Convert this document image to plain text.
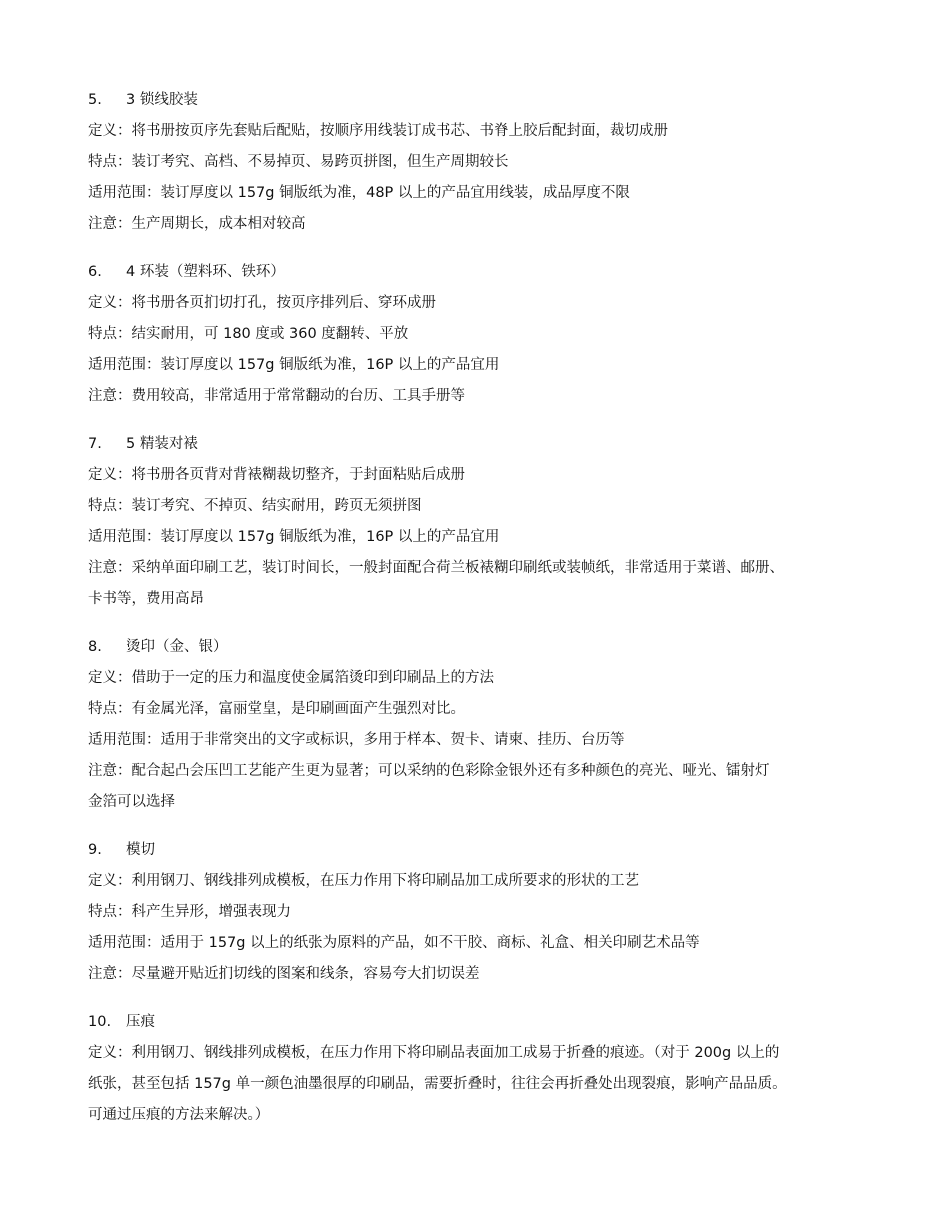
5. 3 锁线胶装
定义：将书册按页序先套贴后配贴，按顺序用线装订成书芯、书脊上胶后配封面，裁切成册
特点：装订考究、高档、不易掉页、易跨页拼图，但生产周期较长
适用范围：装订厚度以 157g 铜版纸为准，48P 以上的产品宜用线装，成品厚度不限
注意：生产周期长，成本相对较高
6. 4 环装（塑料环、铁环）
定义：将书册各页扪切打孔，按页序排列后、穿环成册
特点：结实耐用，可 180 度或 360 度翻转、平放
适用范围：装订厚度以 157g 铜版纸为准，16P 以上的产品宜用
注意：费用较高，非常适用于常常翻动的台历、工具手册等
7. 5 精装对裱
定义：将书册各页背对背裱糊裁切整齐，于封面粘贴后成册
特点：装订考究、不掉页、结实耐用，跨页无须拼图
适用范围：装订厚度以 157g 铜版纸为准，16P 以上的产品宜用
注意：采纳单面印刷工艺，装订时间长，一般封面配合荷兰板裱糊印刷纸或装帧纸，非常适用于菜谱、邮册、
卡书等，费用高昂
8. 烫印（金、银）
定义：借助于一定的压力和温度使金属箔烫印到印刷品上的方法
特点：有金属光泽，富丽堂皇，是印刷画面产生强烈对比。
适用范围：适用于非常突出的文字或标识，多用于样本、贺卡、请柬、挂历、台历等
注意：配合起凸会压凹工艺能产生更为显著；可以采纳的色彩除金银外还有多种颜色的亮光、哑光、镭射灯
金箔可以选择
9. 模切
定义：利用钢刀、钢线排列成模板，在压力作用下将印刷品加工成所要求的形状的工艺
特点：科产生异形，增强表现力
适用范围：适用于 157g 以上的纸张为原料的产品，如不干胶、商标、礼盒、相关印刷艺术品等
注意：尽量避开贴近扪切线的图案和线条，容易夸大扪切误差
10. 压痕
定义：利用钢刀、钢线排列成模板，在压力作用下将印刷品表面加工成易于折叠的痕迹。（对于 200g 以上的
纸张，甚至包括 157g 单一颜色油墨很厚的印刷品，需要折叠时，往往会再折叠处出现裂痕，影响产品品质。
可通过压痕的方法来解决。）
